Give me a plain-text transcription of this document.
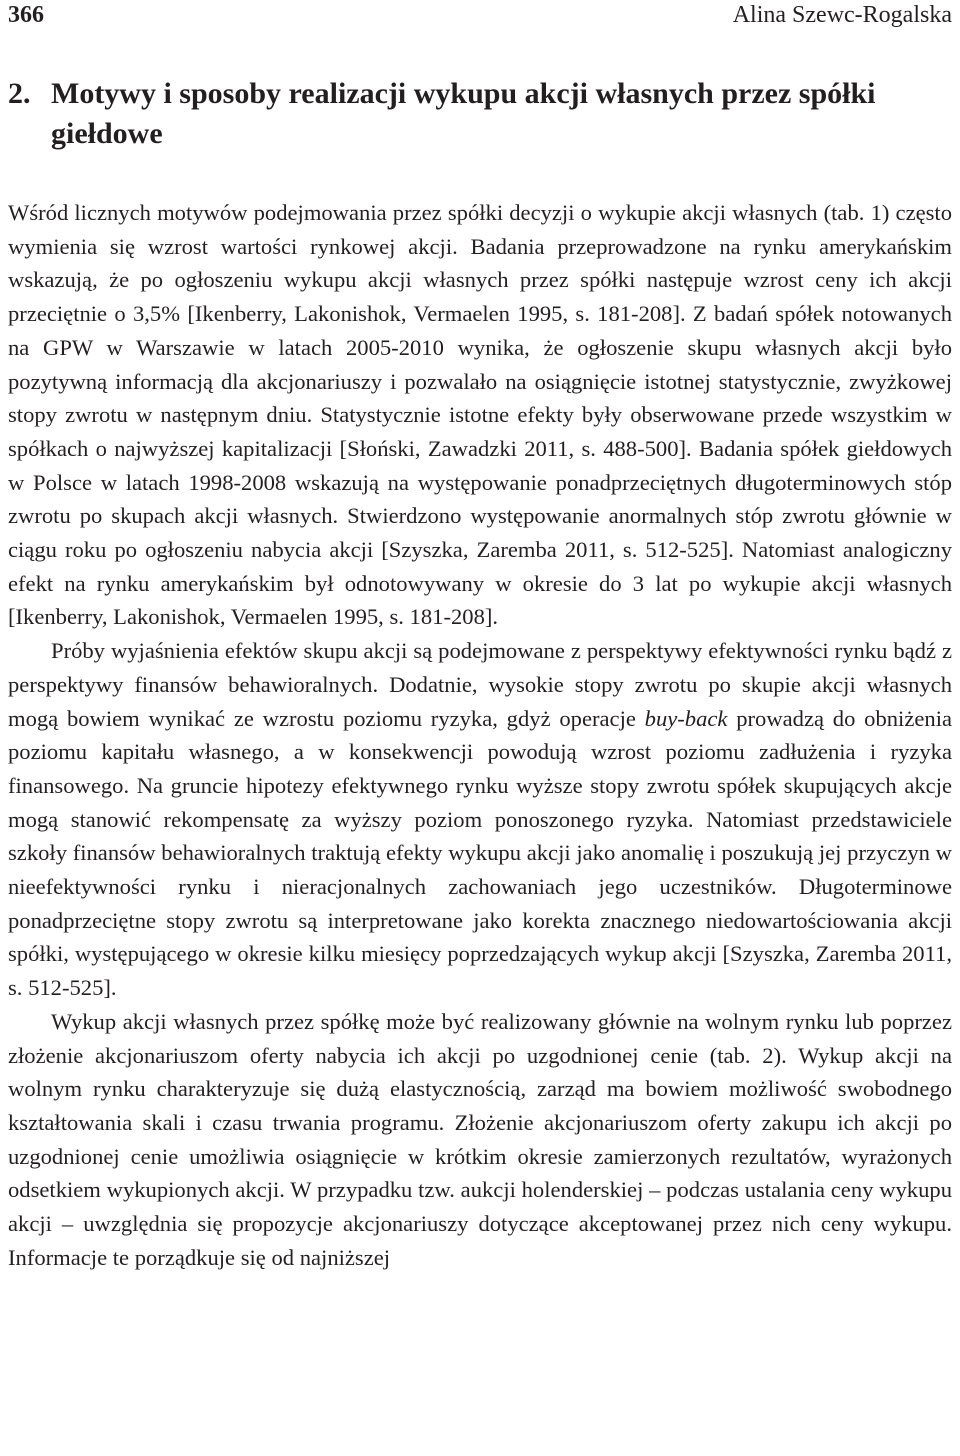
366	Alina Szewc-Rogalska
2. Motywy i sposoby realizacji wykupu akcji własnych przez spółki giełdowe

Wśród licznych motywów podejmowania przez spółki decyzji o wykupie akcji własnych (tab. 1) często wymienia się wzrost wartości rynkowej akcji. Badania przeprowadzone na rynku amerykańskim wskazują, że po ogłoszeniu wykupu akcji własnych przez spółki następuje wzrost ceny ich akcji przeciętnie o 3,5% [Ikenberry, Lakonishok, Vermaelen 1995, s. 181-208]. Z badań spółek notowanych na GPW w Warszawie w latach 2005-2010 wynika, że ogłoszenie skupu własnych akcji było pozytywną informacją dla akcjonariuszy i pozwalało na osiągnięcie istotnej statystycznie, zwyżkowej stopy zwrotu w następnym dniu. Statystycznie istotne efekty były obserwowane przede wszystkim w spółkach o najwyższej kapitalizacji [Słoński, Zawadzki 2011, s. 488-500]. Badania spółek giełdowych w Polsce w latach 1998-2008 wskazują na występowanie ponadprzeciętnych długoterminowych stóp zwrotu po skupach akcji własnych. Stwierdzono występowanie anormalnych stóp zwrotu głównie w ciągu roku po ogłoszeniu nabycia akcji [Szyszka, Zaremba 2011, s. 512-525]. Natomiast analogiczny efekt na rynku amerykańskim był odnotowywany w okresie do 3 lat po wykupie akcji własnych [Ikenberry, Lakonishok, Vermaelen 1995, s. 181-208].

Próby wyjaśnienia efektów skupu akcji są podejmowane z perspektywy efektywności rynku bądź z perspektywy finansów behawioralnych. Dodatnie, wysokie stopy zwrotu po skupie akcji własnych mogą bowiem wynikać ze wzrostu poziomu ryzyka, gdyż operacje buy-back prowadzą do obniżenia poziomu kapitału własnego, a w konsekwencji powodują wzrost poziomu zadłużenia i ryzyka finansowego. Na gruncie hipotezy efektywnego rynku wyższe stopy zwrotu spółek skupujących akcje mogą stanowić rekompensatę za wyższy poziom ponoszonego ryzyka. Natomiast przedstawiciele szkoły finansów behawioralnych traktują efekty wykupu akcji jako anomalię i poszukują jej przyczyn w nieefektywności rynku i nieracjonalnych zachowaniach jego uczestników. Długoterminowe ponadprzeciętne stopy zwrotu są interpretowane jako korekta znacznego niedowartościowania akcji spółki, występującego w okresie kilku miesięcy poprzedzających wykup akcji [Szyszka, Zaremba 2011, s. 512-525].

Wykup akcji własnych przez spółkę może być realizowany głównie na wolnym rynku lub poprzez złożenie akcjonariuszom oferty nabycia ich akcji po uzgodnionej cenie (tab. 2). Wykup akcji na wolnym rynku charakteryzuje się dużą elastycznością, zarząd ma bowiem możliwość swobodnego kształtowania skali i czasu trwania programu. Złożenie akcjonariuszom oferty zakupu ich akcji po uzgodnionej cenie umożliwia osiągnięcie w krótkim okresie zamierzonych rezultatów, wyrażonych odsetkiem wykupionych akcji. W przypadku tzw. aukcji holenderskiej – podczas ustalania ceny wykupu akcji – uwzględnia się propozycje akcjonariuszy dotyczące akceptowanej przez nich ceny wykupu. Informacje te porządkuje się od najniższej
